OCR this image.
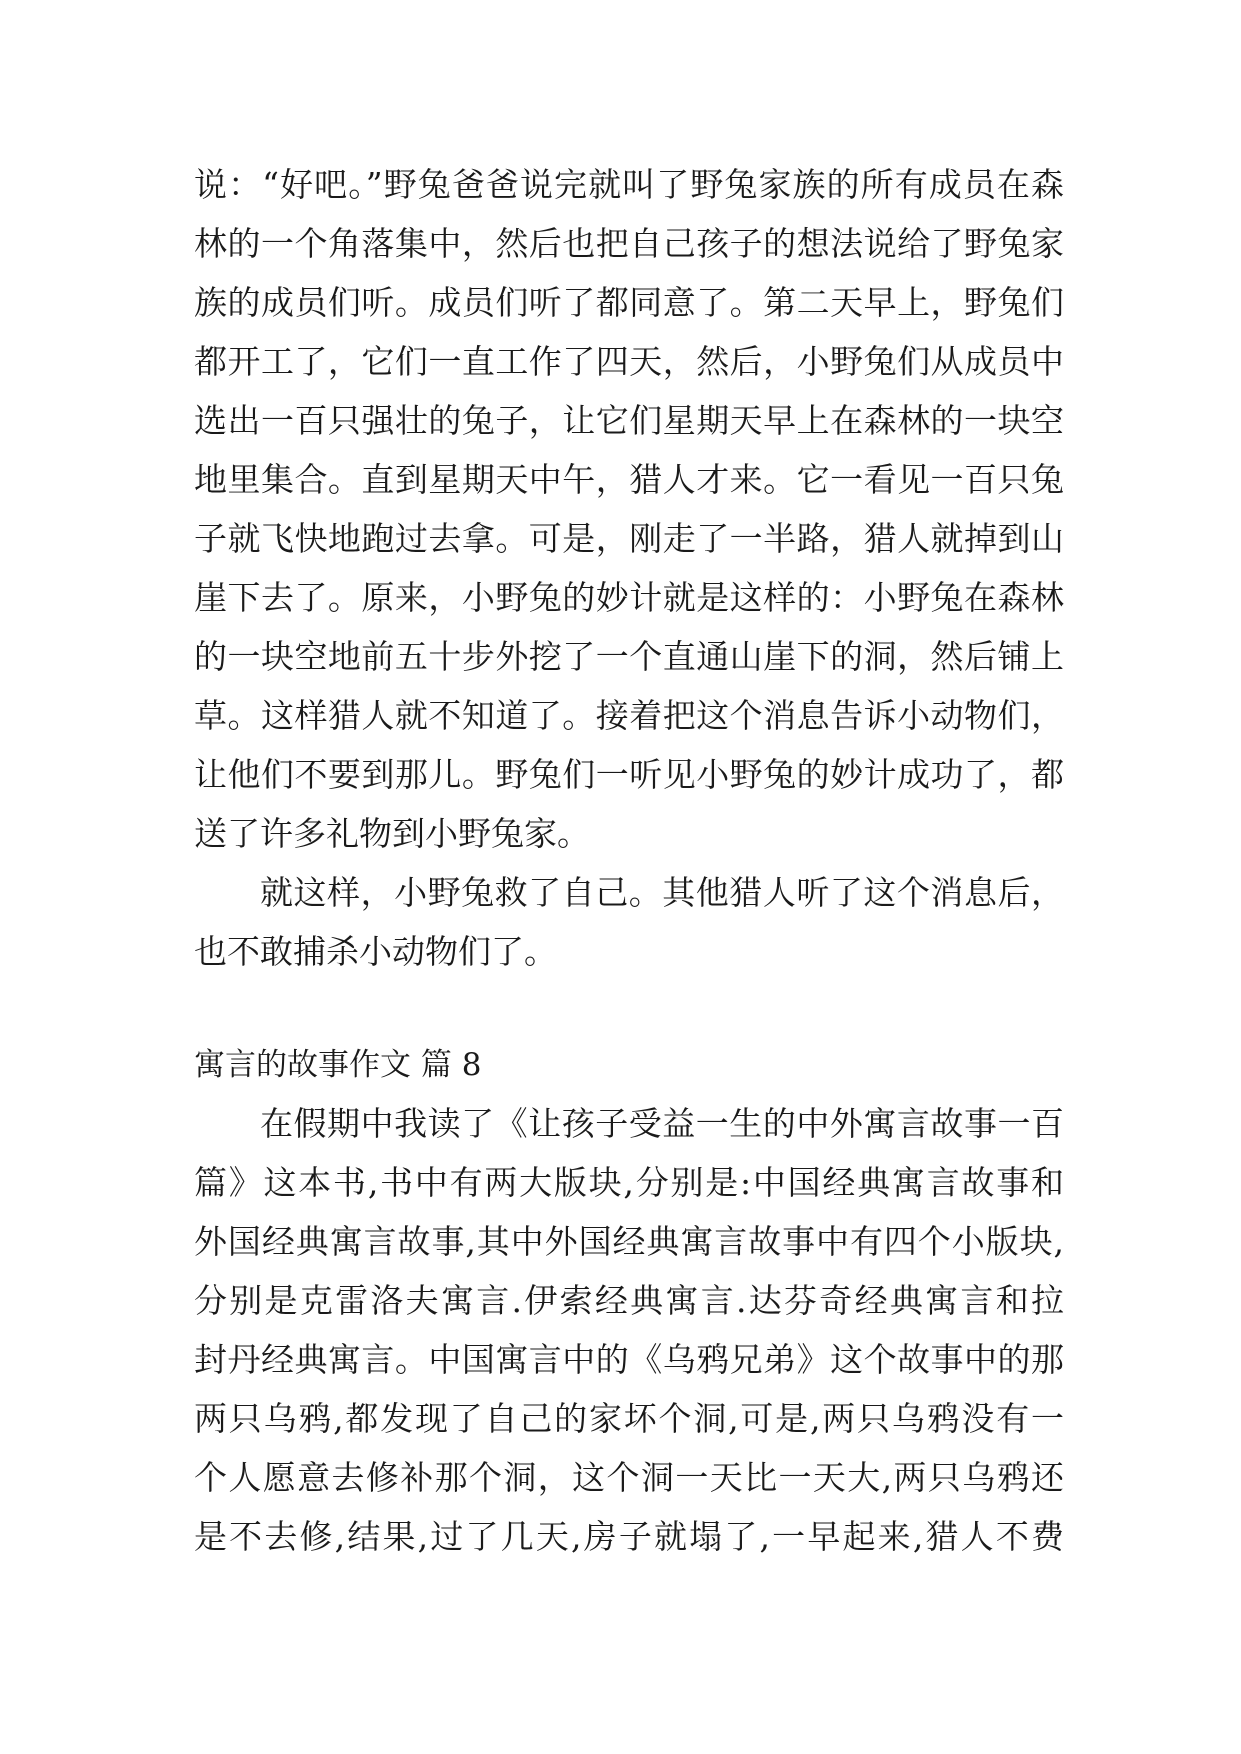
说：“好吧。”野兔爸爸说完就叫了野兔家族的所有成员在森
林的一个角落集中，然后也把自己孩子的想法说给了野兔家
族的成员们听。成员们听了都同意了。第二天早上，野兔们
都开工了，它们一直工作了四天，然后，小野兔们从成员中
选出一百只强壮的兔子，让它们星期天早上在森林的一块空
地里集合。直到星期天中午，猎人才来。它一看见一百只兔
子就飞快地跑过去拿。可是，刚走了一半路，猎人就掉到山
崖下去了。原来，小野兔的妙计就是这样的：小野兔在森林
的一块空地前五十步外挖了一个直通山崖下的洞，然后铺上
草。这样猎人就不知道了。接着把这个消息告诉小动物们，
让他们不要到那儿。野兔们一听见小野兔的妙计成功了，都
送了许多礼物到小野兔家。
就这样，小野兔救了自己。其他猎人听了这个消息后，
也不敢捕杀小动物们了。
寓言的故事作文 篇 8
在假期中我读了《让孩子受益一生的中外寓言故事一百
篇》这本书,书中有两大版块,分别是:中国经典寓言故事和
外国经典寓言故事,其中外国经典寓言故事中有四个小版块,
分别是克雷洛夫寓言.伊索经典寓言.达芬奇经典寓言和拉
封丹经典寓言。中国寓言中的《乌鸦兄弟》这个故事中的那
两只乌鸦,都发现了自己的家坏个洞,可是,两只乌鸦没有一
个人愿意去修补那个洞，这个洞一天比一天大,两只乌鸦还
是不去修,结果,过了几天,房子就塌了,一早起来,猎人不费
